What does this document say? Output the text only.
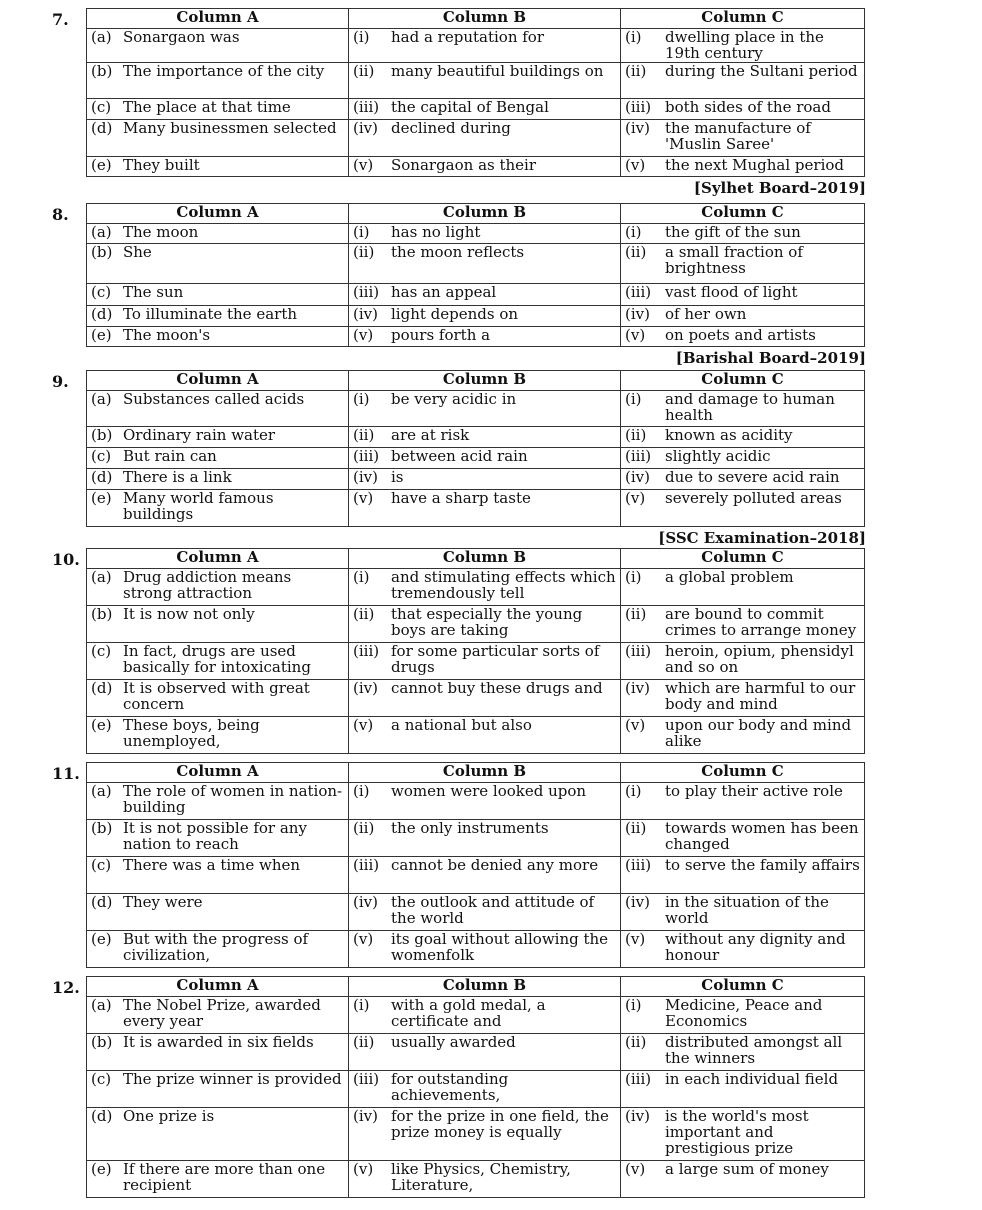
7.	Column A	Column B	Column C

(a) Sonargaon was	(i) had a reputation for	(i) dwelling place in the 19th century

(b) The importance of the city	(ii) many beautiful buildings on	(ii) during the Sultani period

(c) The place at that time	(iii) the capital of Bengal	(iii) both sides of the road

(d) Many businessmen selected	(iv) declined during	(iv) the manufacture of 'Muslin Saree'

(e) They built	(v) Sonargaon as their	(v) the next Mughal period
[Sylhet Board–2019]
8.	Column A	Column B	Column C

(a) The moon	(i) has no light	(i) the gift of the sun

(b) She	(ii) the moon reflects	(ii) a small fraction of brightness

(c) The sun	(iii) has an appeal	(iii) vast flood of light

(d) To illuminate the earth	(iv) light depends on	(iv) of her own

(e) The moon's	(v) pours forth a	(v) on poets and artists
[Barishal Board–2019]
9.	Column A	Column B	Column C

(a) Substances called acids	(i) be very acidic in	(i) and damage to human health

(b) Ordinary rain water	(ii) are at risk	(ii) known as acidity

(c) But rain can	(iii) between acid rain	(iii) slightly acidic

(d) There is a link	(iv) is	(iv) due to severe acid rain

(e) Many world famous buildings	(v) have a sharp taste	(v) severely polluted areas
[SSC Examination–2018]
10.	Column A	Column B	Column C

(a) Drug addiction means strong attraction	(i) and stimulating effects which tremendously tell	(i) a global problem

(b) It is now not only	(ii) that especially the young boys are taking	(ii) are bound to commit crimes to arrange money

(c) In fact, drugs are used basically for intoxicating	(iii) for some particular sorts of drugs	(iii) heroin, opium, phensidyl and so on

(d) It is observed with great concern	(iv) cannot buy these drugs and	(iv) which are harmful to our body and mind

(e) These boys, being unemployed,	(v) a national but also	(v) upon our body and mind alike
11.	Column A	Column B	Column C

(a) The role of women in nation-building	(i) women were looked upon	(i) to play their active role

(b) It is not possible for any nation to reach	(ii) the only instruments	(ii) towards women has been changed

(c) There was a time when	(iii) cannot be denied any more	(iii) to serve the family affairs

(d) They were	(iv) the outlook and attitude of the world	(iv) in the situation of the world

(e) But with the progress of civilization,	(v) its goal without allowing the womenfolk	(v) without any dignity and honour
12.	Column A	Column B	Column C

(a) The Nobel Prize, awarded every year	(i) with a gold medal, a certificate and	(i) Medicine, Peace and Economics

(b) It is awarded in six fields	(ii) usually awarded	(ii) distributed amongst all the winners

(c) The prize winner is provided	(iii) for outstanding achievements,	(iii) in each individual field

(d) One prize is	(iv) for the prize in one field, the prize money is equally	(iv) is the world's most important and prestigious prize

(e) If there are more than one recipient	(v) like Physics, Chemistry, Literature,	(v) a large sum of money
